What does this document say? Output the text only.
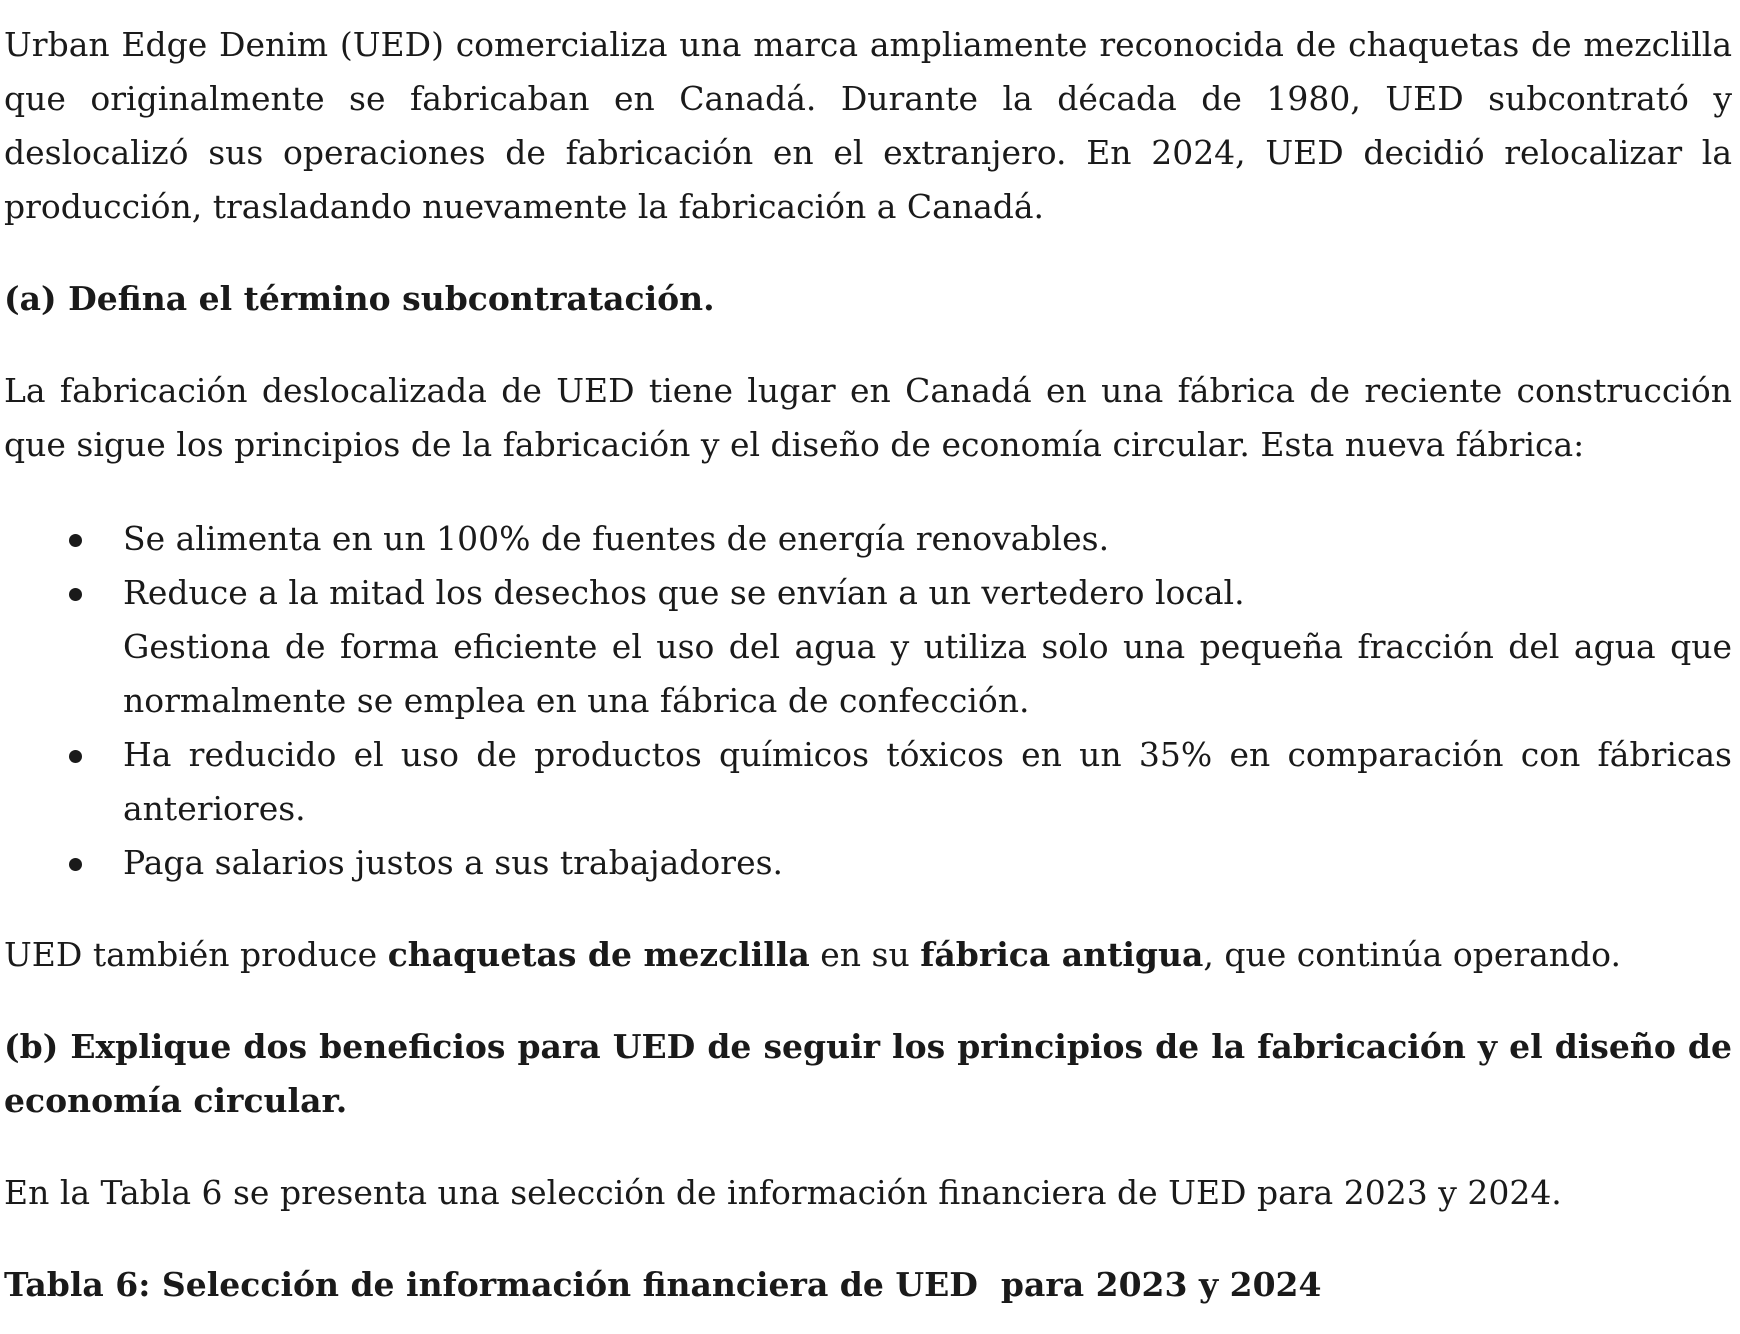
Urban Edge Denim (UED) comercializa una marca ampliamente reconocida de chaquetas de mezclilla que originalmente se fabricaban en Canadá. Durante la década de 1980, UED subcontrató y deslocalizó sus operaciones de fabricación en el extranjero. En 2024, UED decidió relocalizar la producción, trasladando nuevamente la fabricación a Canadá.

(a) Defina el término subcontratación.

La fabricación deslocalizada de UED tiene lugar en Canadá en una fábrica de reciente construcción que sigue los principios de la fabricación y el diseño de economía circular. Esta nueva fábrica:

Se alimenta en un 100% de fuentes de energía renovables.
Reduce a la mitad los desechos que se envían a un vertedero local.
Gestiona de forma eficiente el uso del agua y utiliza solo una pequeña fracción del agua que normalmente se emplea en una fábrica de confección.
Ha reducido el uso de productos químicos tóxicos en un 35% en comparación con fábricas anteriores.
Paga salarios justos a sus trabajadores.

UED también produce chaquetas de mezclilla en su fábrica antigua, que continúa operando.

(b) Explique dos beneficios para UED de seguir los principios de la fabricación y el diseño de economía circular.

En la Tabla 6 se presenta una selección de información financiera de UED para 2023 y 2024.

Tabla 6: Selección de información financiera de UED  para 2023 y 2024
